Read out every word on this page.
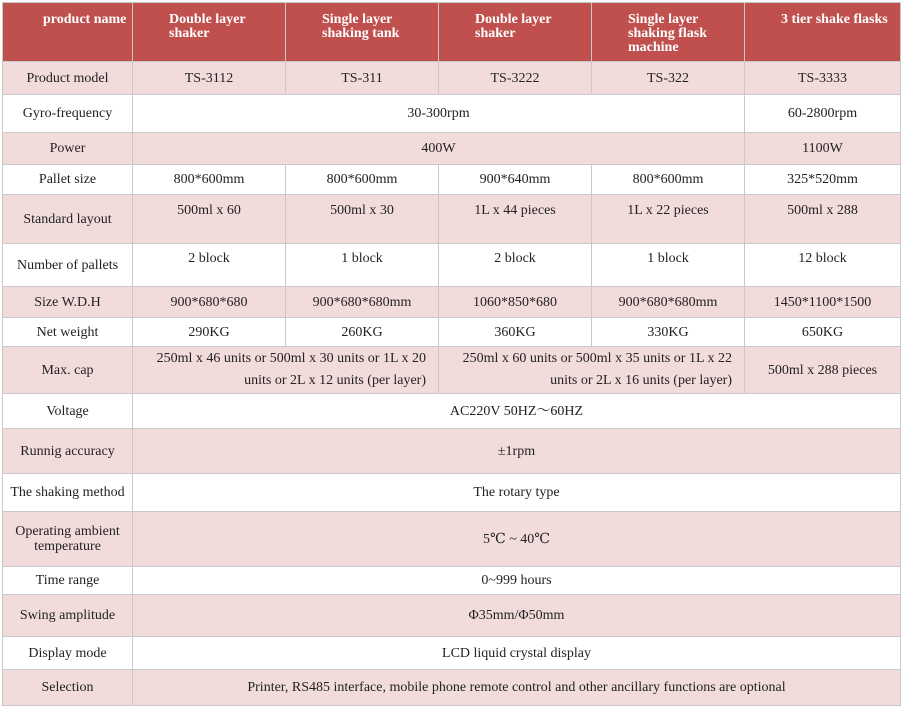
product name	Double layer shaker	Single layer shaking tank	Double layer shaker	Single layer shaking flask machine	3 tier shake flasks
Product model	TS-3112	TS-311	TS-3222	TS-322	TS-3333
Gyro-frequency	30-300rpm				60-2800rpm
Power	400W				1100W
Pallet size	800*600mm	800*600mm	900*640mm	800*600mm	325*520mm
Standard layout	500ml x 60	500ml x 30	1L x 44 pieces	1L x 22 pieces	500ml x 288
Number of pallets	2 block	1 block	2 block	1 block	12 block
Size W.D.H	900*680*680	900*680*680mm	1060*850*680	900*680*680mm	1450*1100*1500
Net weight	290KG	260KG	360KG	330KG	650KG
Max. cap	250ml x 46 units or 500ml x 30 units or 1L x 20 units or 2L x 12 units (per layer)		250ml x 60 units or 500ml x 35 units or 1L x 22 units or 2L x 16 units (per layer)		500ml x 288 pieces
Voltage	AC220V 50HZ～60HZ				
Runnig accuracy	±1rpm				
The shaking method	The rotary type				
Operating ambient temperature	5℃ ~ 40℃				
Time range	0~999 hours				
Swing amplitude	Φ35mm/Φ50mm				
Display mode	LCD liquid crystal display				
Selection	Printer, RS485 interface, mobile phone remote control and other ancillary functions are optional				
